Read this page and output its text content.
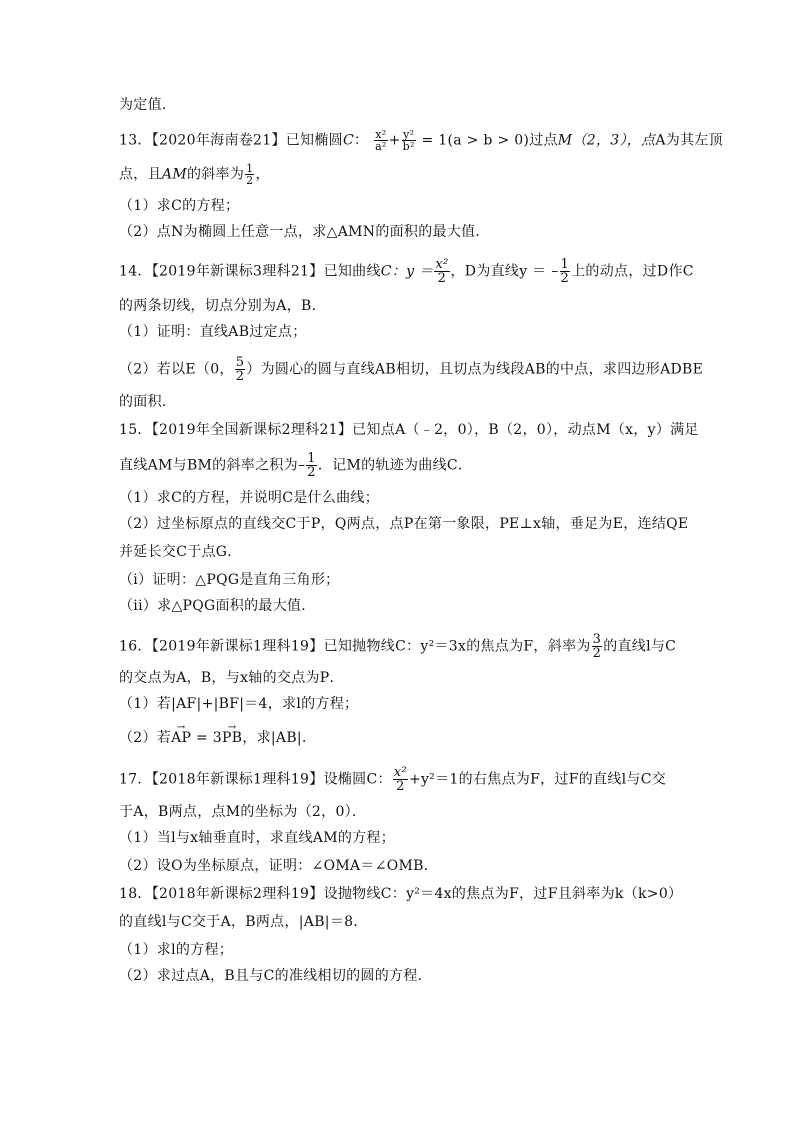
为定值．
13．【2020年海南卷21】已知椭圆C： $\frac{\text{x²}}{\text{a²}} + \frac{\text{y²}}{\text{b²}} = 1(a > b > 0)$过点M（2，3），点A为其左顶
点，且AM的斜率为 $\frac{1}{2}$ ，
（1）求C的方程；
（2）点N为椭圆上任意一点，求△AMN的面积的最大值．
14．【2019年新课标3理科21】已知曲线C：$y = \frac{\text{x²}}{2}$ ，D为直线y ＝ – $\frac{1}{2}$ 上的动点，过D作C
的两条切线，切点分别为A，B．
（1）证明：直线AB过定点；
（2）若以E（0， $\frac{5}{2}$ ）为圆心的圆与直线AB相切，且切点为线段AB的中点，求四边形ADBE
的面积．
15．【2019年全国新课标2理科21】已知点A（﹣2，0），B（2，0），动点M（x，y）满足
直线AM与BM的斜率之积为– $\frac{1}{2}$ ．记M的轨迹为曲线C．
（1）求C的方程，并说明C是什么曲线；
（2）过坐标原点的直线交C于P，Q两点，点P在第一象限，PE⊥x轴，垂足为E，连结QE
并延长交C于点G．
（i）证明：△PQG是直角三角形；
（ii）求△PQG面积的最大值．
16．【2019年新课标1理科19】已知抛物线C：y²＝3x的焦点为F，斜率为 $\frac{3}{2}$ 的直线l与C
的交点为A，B，与x轴的交点为P．
（1）若|AF|+|BF|＝4，求l的方程；
（2）若→ AP = 3→ PB，求|AB|．
17．【2018年新课标1理科19】设椭圆C： $\frac{\text{x²}}{2} +y^2=1$的右焦点为F，过F的直线l与C交
于A，B两点，点M的坐标为（2，0）．
（1）当l与x轴垂直时，求直线AM的方程；
（2）设O为坐标原点，证明：∠OMA＝∠OMB．
18．【2018年新课标2理科19】设抛物线C：y²＝4x的焦点为F，过F且斜率为k（k>0）
的直线l与C交于A，B两点，|AB|＝8．
（1）求l的方程；
（2）求过点A，B且与C的准线相切的圆的方程．
